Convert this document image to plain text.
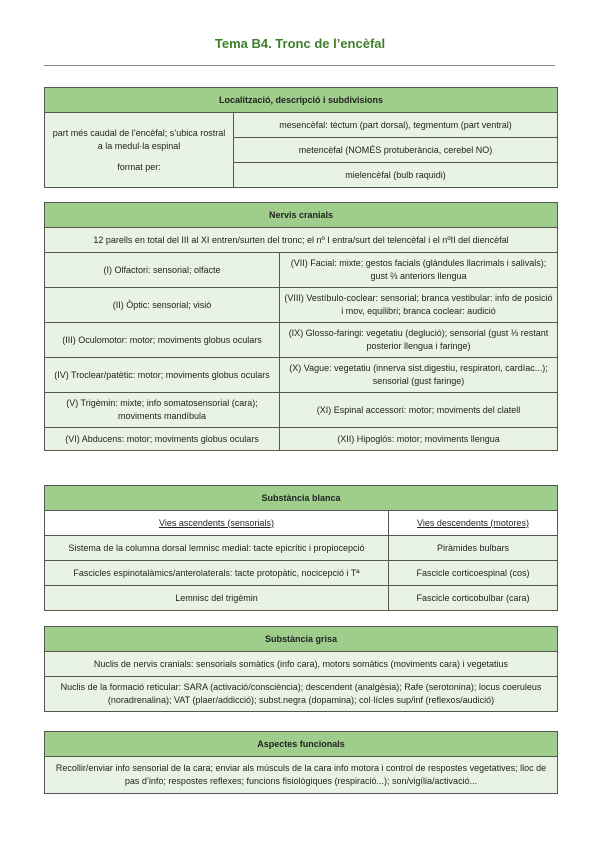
Tema B4. Tronc de l’encèfal
Localització, descripció i subdivisions

part més caudal de l’encèfal; s’ubica rostral a la medul·la espinal
format per:
	mesencèfal: tèctum (part dorsal), tegmentum (part ventral)
metencèfal (NOMÉS protuberància, cerebel NO)
mielencèfal (bulb raquidi)
Nervis cranials	
12 parells en total del III al XI entren/surten del tronc; el nº I entra/surt del telencèfal i el nºII del diencèfal	
(I) Olfactori: sensorial; olfacte	(VII) Facial: mixte; gestos facials (glàndules llacrimals i salivals); gust ⅔ anteriors llengua
(II) Òptic: sensorial; visió	(VIII) Vestíbulo-coclear: sensorial; branca vestibular: info de posició i mov, equilibri; branca coclear: audició
(III) Oculomotor: motor; moviments globus oculars	(IX) Glosso-faringi: vegetatiu (deglució); sensorial (gust ⅓ restant posterior llengua i faringe)
(IV) Troclear/patètic: motor; moviments globus oculars	(X) Vague: vegetatiu (innerva sist.digestiu, respiratori, cardíac...); sensorial (gust faringe)
(V) Trigèmin: mixte; info somatosensorial (cara); moviments mandíbula	(XI) Espinal accessori: motor; moviments del clatell
(VI) Abducens: motor; moviments globus oculars	(XII) Hipoglós: motor; moviments llengua
Substància blanca	
Vies ascendents (sensorials)	Vies descendents (motores)
Sistema de la columna dorsal lemnisc medial: tacte epicrític i propiocepció	Piràmides bulbars
Fascicles espinotalàmics/anterolaterals: tacte protopàtic, nocicepció i Tª	Fascicle corticoespinal (cos)
Lemnisc del trigèmin	Fascicle corticobulbar (cara)
Substància grisa
Nuclis de nervis cranials: sensorials somàtics (info cara), motors somàtics (moviments cara) i vegetatius
Nuclis de la formació reticular: SARA (activació/consciència); descendent (analgèsia); Rafe (serotonina); locus coeruleus (noradrenalina); VAT (plaer/addicció); subst.negra (dopamina); col·lícles sup/inf (reflexos/audició)
Aspectes funcionals
Recollir/enviar info sensorial de la cara; enviar als músculs de la cara info motora i control de respostes vegetatives; lloc de pas d’info; respostes reflexes; funcions fisiològiques (respiració...); son/vigília/activació...
